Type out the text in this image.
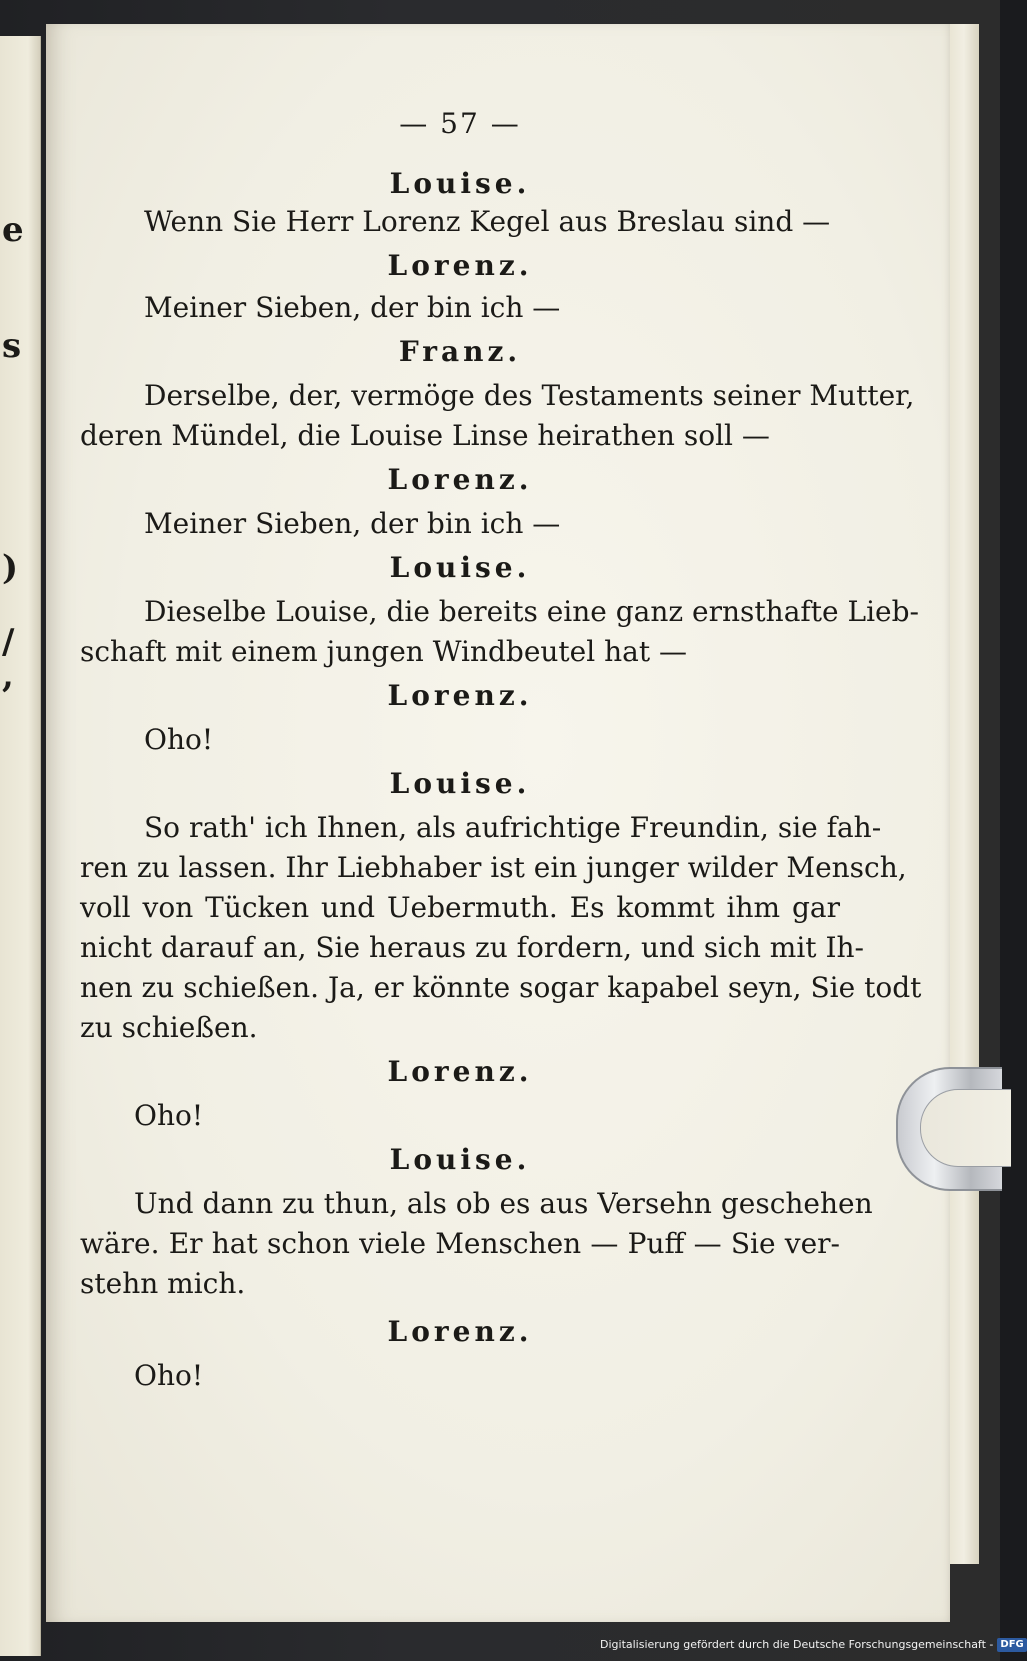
e
s
)
/
,
— 57 —
Louise.
Wenn Sie Herr Lorenz Kegel aus Breslau sind —
Lorenz.
Meiner Sieben, der bin ich —
Franz.
Derselbe, der, vermöge des Testaments seiner Mutter,
deren Mündel, die Louise Linse heirathen soll —
Lorenz.
Meiner Sieben, der bin ich —
Louise.
Dieselbe Louise, die bereits eine ganz ernsthafte Lieb-
schaft mit einem jungen Windbeutel hat —
Lorenz.
Oho!
Louise.
So rath' ich Ihnen, als aufrichtige Freundin, sie fah-
ren zu lassen. Ihr Liebhaber ist ein junger wilder Mensch,
voll von Tücken und Uebermuth. Es kommt ihm gar
nicht darauf an, Sie heraus zu fordern, und sich mit Ih-
nen zu schießen. Ja, er könnte sogar kapabel seyn, Sie todt
zu schießen.
Lorenz.
Oho!
Louise.
Und dann zu thun, als ob es aus Versehn geschehen
wäre. Er hat schon viele Menschen — Puff — Sie ver-
stehn mich.
Lorenz.
Oho!
Digitalisierung gefördert durch die Deutsche Forschungsgemeinschaft - DFG
